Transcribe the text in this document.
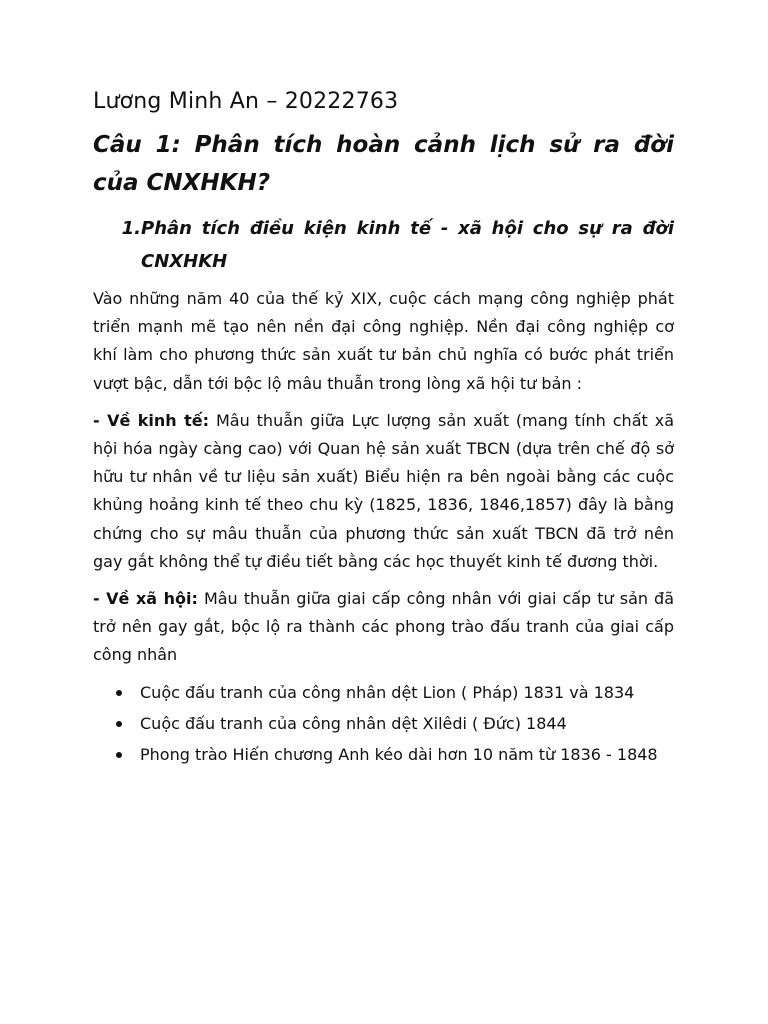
Lương Minh An – 20222763
Câu 1: Phân tích hoàn cảnh lịch sử ra đời của CNXHKH?
1. Phân tích điều kiện kinh tế - xã hội cho sự ra đời CNXHKH

Vào những năm 40 của thế kỷ XIX, cuộc cách mạng công nghiệp phát triển mạnh mẽ tạo nên nền đại công nghiệp. Nền đại công nghiệp cơ khí làm cho phương thức sản xuất tư bản chủ nghĩa có bước phát triển vượt bậc, dẫn tới bộc lộ mâu thuẫn trong lòng xã hội tư bản :

- Về kinh tế: Mâu thuẫn giữa Lực lượng sản xuất (mang tính chất xã hội hóa ngày càng cao) với Quan hệ sản xuất TBCN (dựa trên chế độ sở hữu tư nhân về tư liệu sản xuất) Biểu hiện ra bên ngoài bằng các cuộc khủng hoảng kinh tế theo chu kỳ (1825, 1836, 1846,1857) đây là bằng chứng cho sự mâu thuẫn của phương thức sản xuất TBCN đã trở nên gay gắt không thể tự điều tiết bằng các học thuyết kinh tế đương thời.

- Về xã hội: Mâu thuẫn giữa giai cấp công nhân với giai cấp tư sản đã trở nên gay gắt, bộc lộ ra thành các phong trào đấu tranh của giai cấp công nhân

Cuộc đấu tranh của công nhân dệt Lion ( Pháp) 1831 và 1834
Cuộc đấu tranh của công nhân dệt Xilêdi ( Đức) 1844
Phong trào Hiến chương Anh kéo dài hơn 10 năm từ 1836 - 1848
